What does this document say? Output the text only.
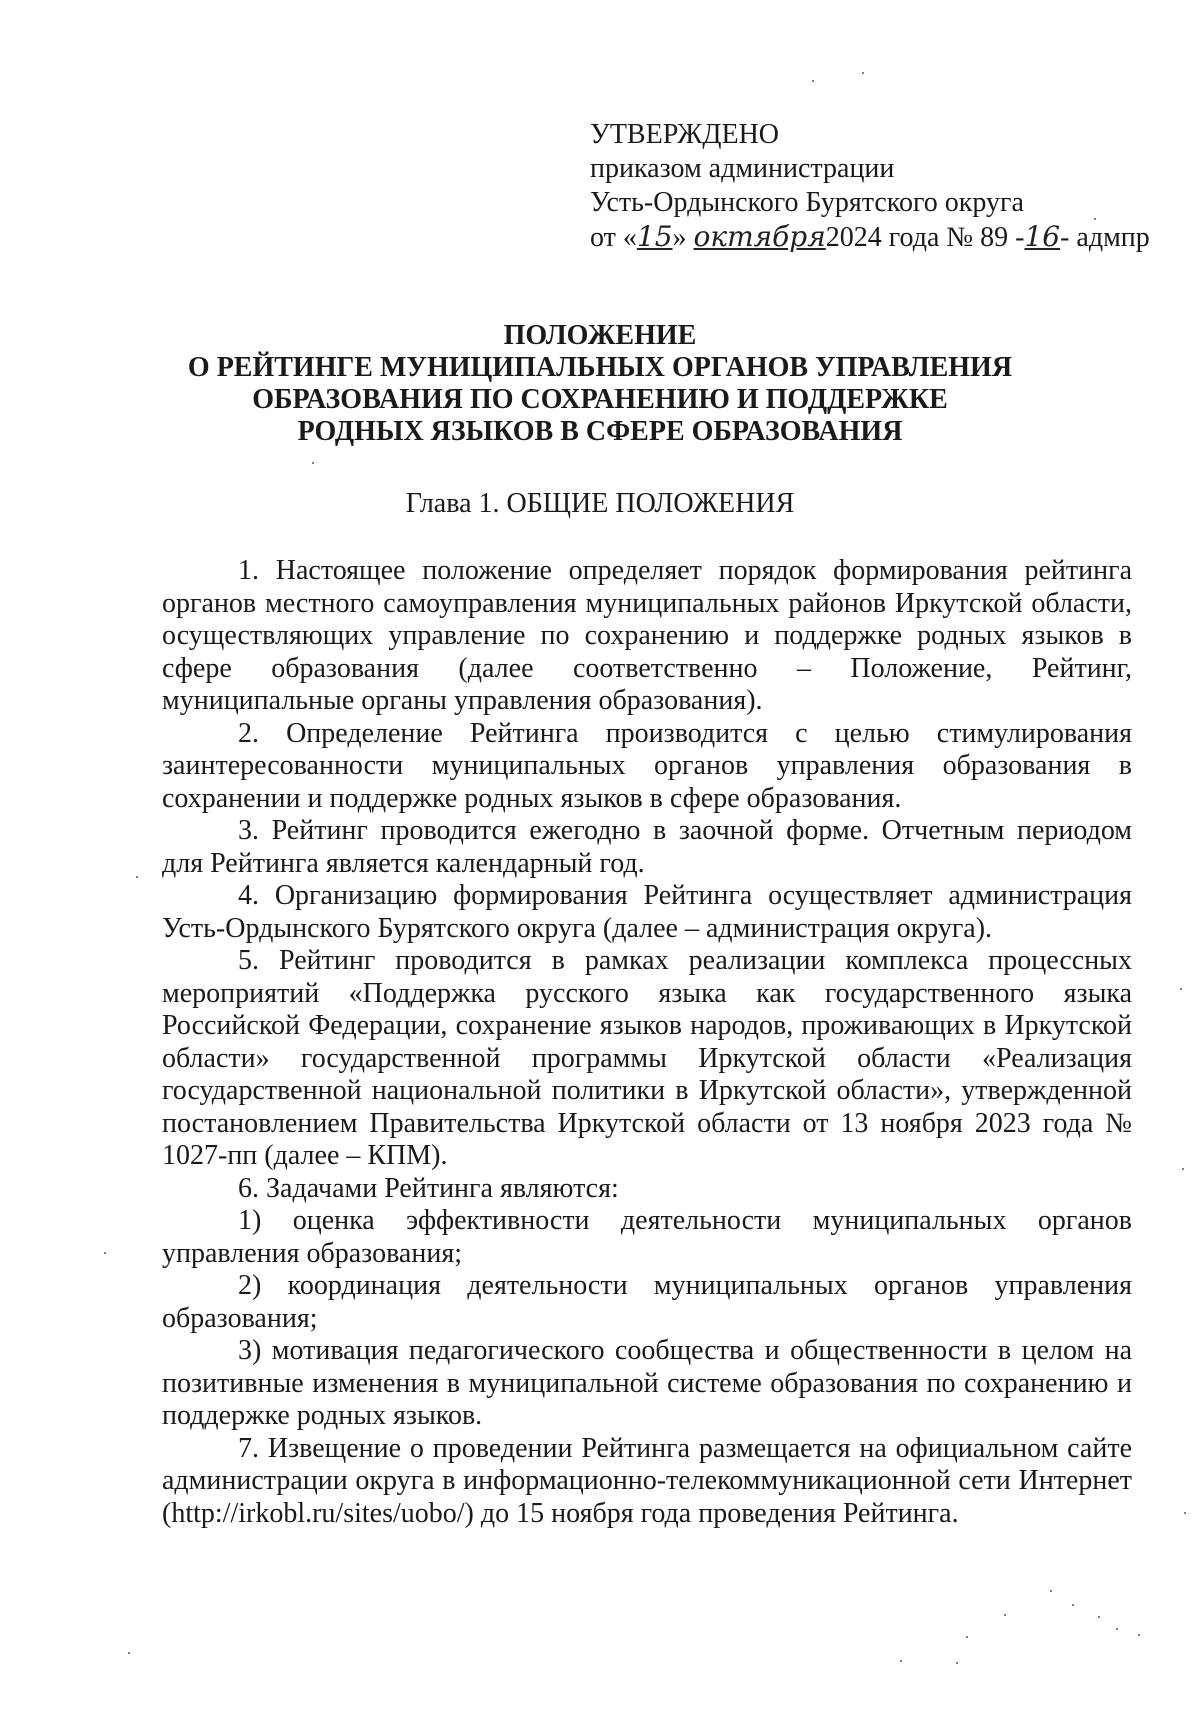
УТВЕРЖДЕНО
приказом администрации
Усть-Ордынского Бурятского округа
от «15» октября2024 года № 89 -16- адмпр
ПОЛОЖЕНИЕ
О РЕЙТИНГЕ МУНИЦИПАЛЬНЫХ ОРГАНОВ УПРАВЛЕНИЯ
ОБРАЗОВАНИЯ ПО СОХРАНЕНИЮ И ПОДДЕРЖКЕ
РОДНЫХ ЯЗЫКОВ В СФЕРЕ ОБРАЗОВАНИЯ
Глава 1. ОБЩИЕ ПОЛОЖЕНИЯ

1. Настоящее положение определяет порядок формирования рейтинга органов местного самоуправления муниципальных районов Иркутской области, осуществляющих управление по сохранению и поддержке родных языков в сфере образования (далее соответственно – Положение, Рейтинг, муниципальные органы управления образования).

2. Определение Рейтинга производится с целью стимулирования заинтересованности муниципальных органов управления образования в сохранении и поддержке родных языков в сфере образования.

3. Рейтинг проводится ежегодно в заочной форме. Отчетным периодом для Рейтинга является календарный год.

4. Организацию формирования Рейтинга осуществляет администрация Усть-Ордынского Бурятского округа (далее – администрация округа).

5. Рейтинг проводится в рамках реализации комплекса процессных мероприятий «Поддержка русского языка как государственного языка Российской Федерации, сохранение языков народов, проживающих в Иркутской области» государственной программы Иркутской области «Реализация государственной национальной политики в Иркутской области», утвержденной постановлением Правительства Иркутской области от 13 ноября 2023 года № 1027-пп (далее – КПМ).

6. Задачами Рейтинга являются:

1) оценка эффективности деятельности муниципальных органов управления образования;

2) координация деятельности муниципальных органов управления образования;

3) мотивация педагогического сообщества и общественности в целом на позитивные изменения в муниципальной системе образования по сохранению и поддержке родных языков.

7. Извещение о проведении Рейтинга размещается на официальном сайте администрации округа в информационно-телекоммуникационной сети Интернет (http://irkobl.ru/sites/uobo/) до 15 ноября года проведения Рейтинга.
